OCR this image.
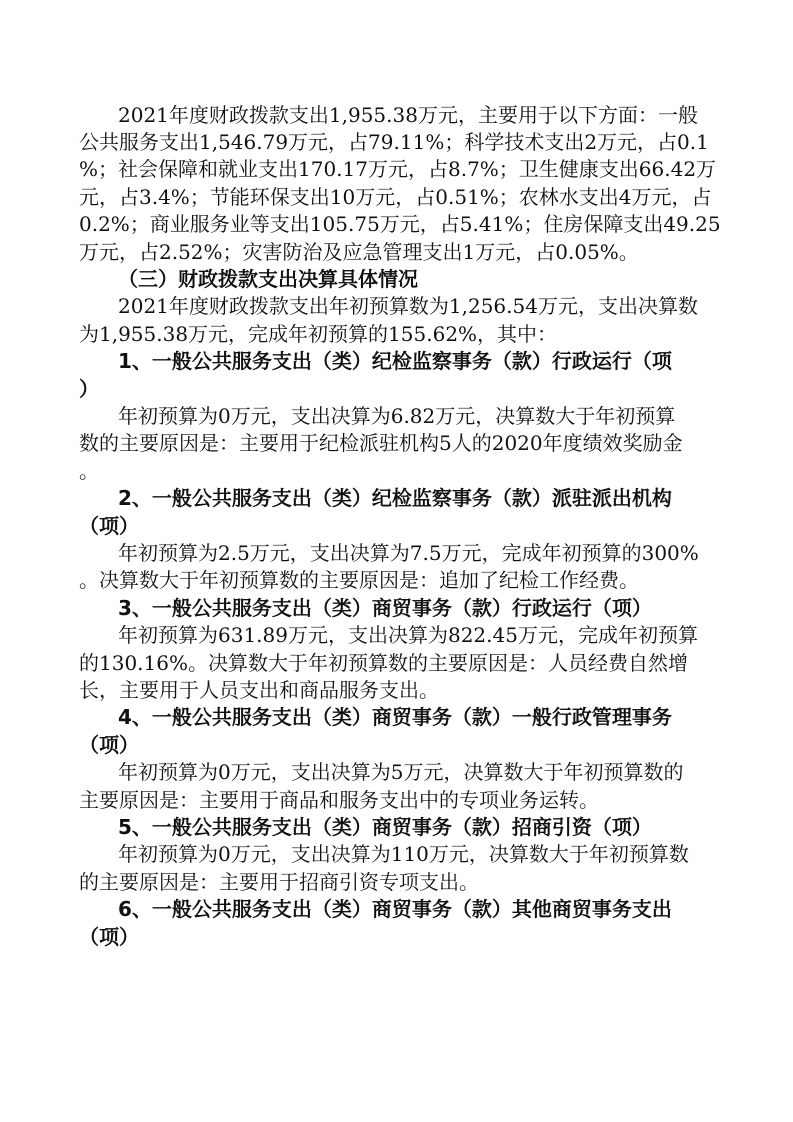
2021年度财政拨款支出1,955.38万元，主要用于以下方面：一般
公共服务支出1,546.79万元，占79.11%；科学技术支出2万元，占0.1
%；社会保障和就业支出170.17万元，占8.7%；卫生健康支出66.42万
元，占3.4%；节能环保支出10万元，占0.51%；农林水支出4万元，占
0.2%；商业服务业等支出105.75万元，占5.41%；住房保障支出49.25
万元，占2.52%；灾害防治及应急管理支出1万元，占0.05%。
（三）财政拨款支出决算具体情况
2021年度财政拨款支出年初预算数为1,256.54万元，支出决算数
为1,955.38万元，完成年初预算的155.62%，其中：
1、一般公共服务支出（类）纪检监察事务（款）行政运行（项
）
年初预算为0万元，支出决算为6.82万元，决算数大于年初预算
数的主要原因是：主要用于纪检派驻机构5人的2020年度绩效奖励金
。
2、一般公共服务支出（类）纪检监察事务（款）派驻派出机构
（项）
年初预算为2.5万元，支出决算为7.5万元，完成年初预算的300%
。决算数大于年初预算数的主要原因是：追加了纪检工作经费。
3、一般公共服务支出（类）商贸事务（款）行政运行（项）
年初预算为631.89万元，支出决算为822.45万元，完成年初预算
的130.16%。决算数大于年初预算数的主要原因是：人员经费自然增
长，主要用于人员支出和商品服务支出。
4、一般公共服务支出（类）商贸事务（款）一般行政管理事务
（项）
年初预算为0万元，支出决算为5万元，决算数大于年初预算数的
主要原因是：主要用于商品和服务支出中的专项业务运转。
5、一般公共服务支出（类）商贸事务（款）招商引资（项）
年初预算为0万元，支出决算为110万元，决算数大于年初预算数
的主要原因是：主要用于招商引资专项支出。
6、一般公共服务支出（类）商贸事务（款）其他商贸事务支出
（项）
